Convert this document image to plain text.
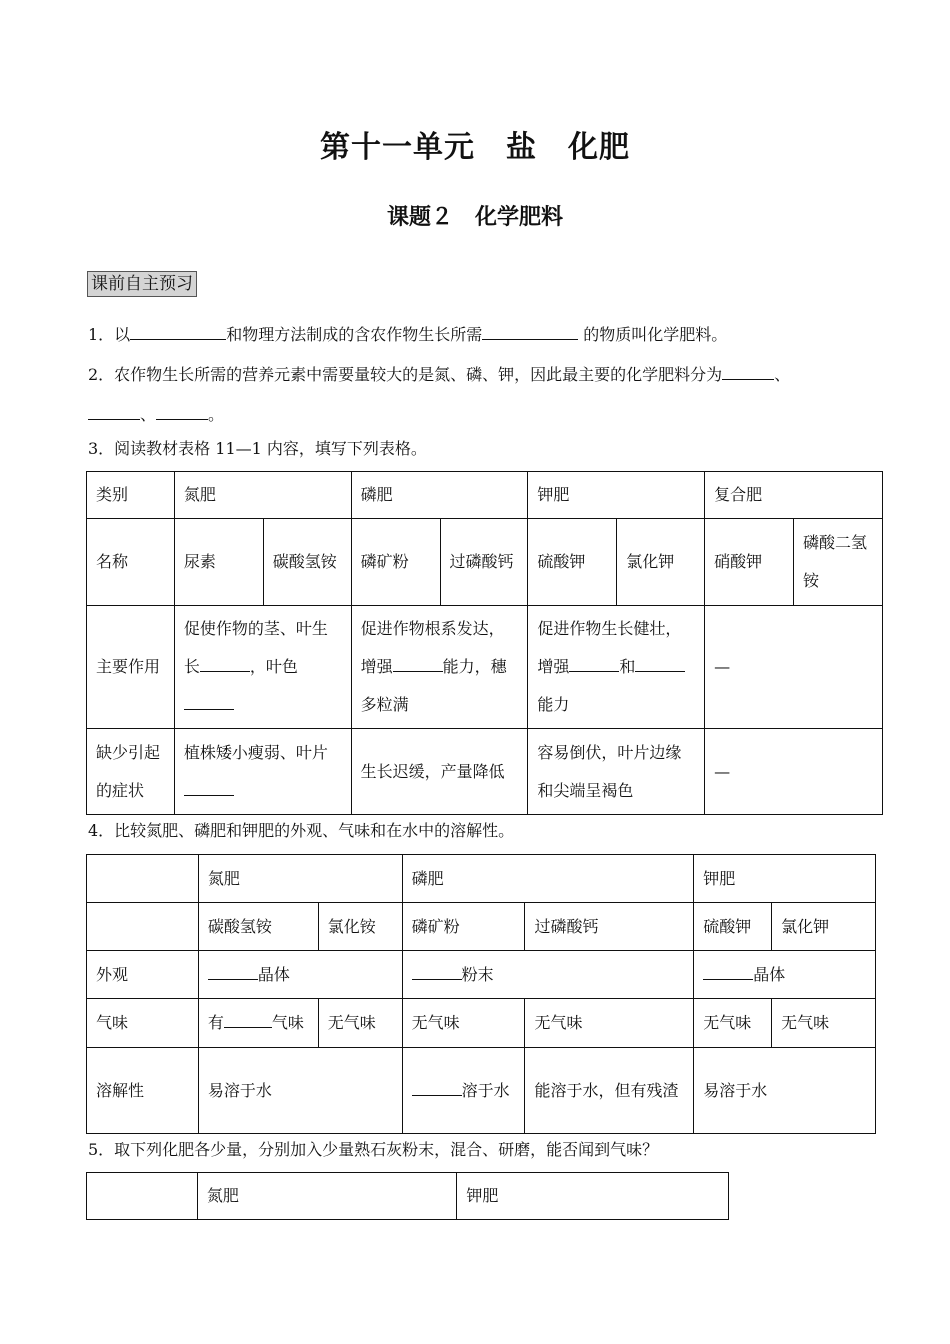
第十一单元　盐　化肥
课题２　化学肥料
课前自主预习
1．以	和物理方法制成的含农作物生长所需	的物质叫化学肥料。
2．农作物生长所需的营养元素中需要量较大的是氮、磷、钾，因此最主要的化学肥料分为	、
、	。
3．阅读教材表格 11—1 内容，填写下列表格。
类别	氮肥		磷肥		钾肥		复合肥	
名称	尿素	碳酸氢铵	磷矿粉	过磷酸钙	硫酸钾	氯化钾	硝酸钾	磷酸二氢铵
主要作用	促使作物的茎、叶生
长 ，叶色		促进作物根系发达，
增强 能力，穗
多粒满		促进作物生长健壮，
增强 和
能力		—	
缺少引起的症状	植株矮小瘦弱、叶片		生长迟缓，产量降低		容易倒伏，叶片边缘和尖端呈褐色		—	
4．比较氮肥、磷肥和钾肥的外观、气味和在水中的溶解性。
	氮肥		磷肥		钾肥	
	碳酸氢铵	氯化铵	磷矿粉	过磷酸钙	硫酸钾	氯化钾
外观	晶体		粉末		晶体	
气味	有 气味	无气味	无气味	无气味	无气味	无气味
溶解性	易溶于水		溶于水	能溶于水，但有残渣	易溶于水	
5．取下列化肥各少量，分别加入少量熟石灰粉末，混合、研磨，能否闻到气味？
	氮肥	钾肥
